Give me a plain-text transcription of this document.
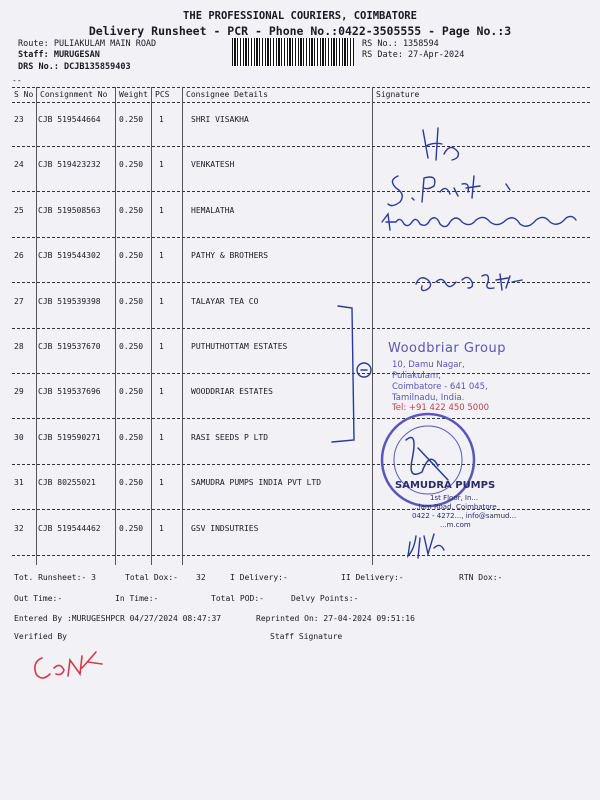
THE PROFESSIONAL COURIERS, COIMBATORE
Delivery Runsheet - PCR - Phone No.:0422-3505555 - Page No.:3
Route: PULIAKULAM MAIN ROAD
Staff: MURUGESAN
DRS No.: DCJB135859403
RS No.: 1358594
RS Date: 27-Apr-2024
--
S No Consignment No Weight PCS Consignee Details	Signature
23 CJB 519544664 0.250 1	SHRI VISAKHA
24 CJB 519423232 0.250 1	VENKATESH
25 CJB 519508563 0.250 1	HEMALATHA
26 CJB 519544302 0.250 1	PATHY & BROTHERS
27 CJB 519539398 0.250 1	TALAYAR TEA CO
28 CJB 519537670 0.250 1	PUTHUTHOTTAM ESTATES
29 CJB 519537696 0.250 1	WOODDRIAR ESTATES
30 CJB 519590271 0.250 1	RASI SEEDS P LTD
31 CJB 80255021	0.250 1	SAMUDRA PUMPS INDIA PVT LTD
32 CJB 519544462 0.250 1	GSV INDSUTRIES
Tot. Runsheet:- 3	Total Dox:- 32	I Delivery:-	II Delivery:-	RTN Dox:-
Out Time:-	In Time:-	Total POD:-	Delvy Points:-
Entered By :MURUGESHPCR 04/27/2024 08:47:37	Reprinted On: 27-04-2024 09:51:16
Verified By	Staff Signature
Woodbriar Group
10, Damu Nagar,
Puliakulam,
Coimbatore - 641 045,
Tamilnadu, India.
Tel: +91 422 450 5000
SAMUDRA PUMPS
1st Floor, In...
...lam Road, Coimbatore
0422 - 4272..., info@samud...
...m.com
